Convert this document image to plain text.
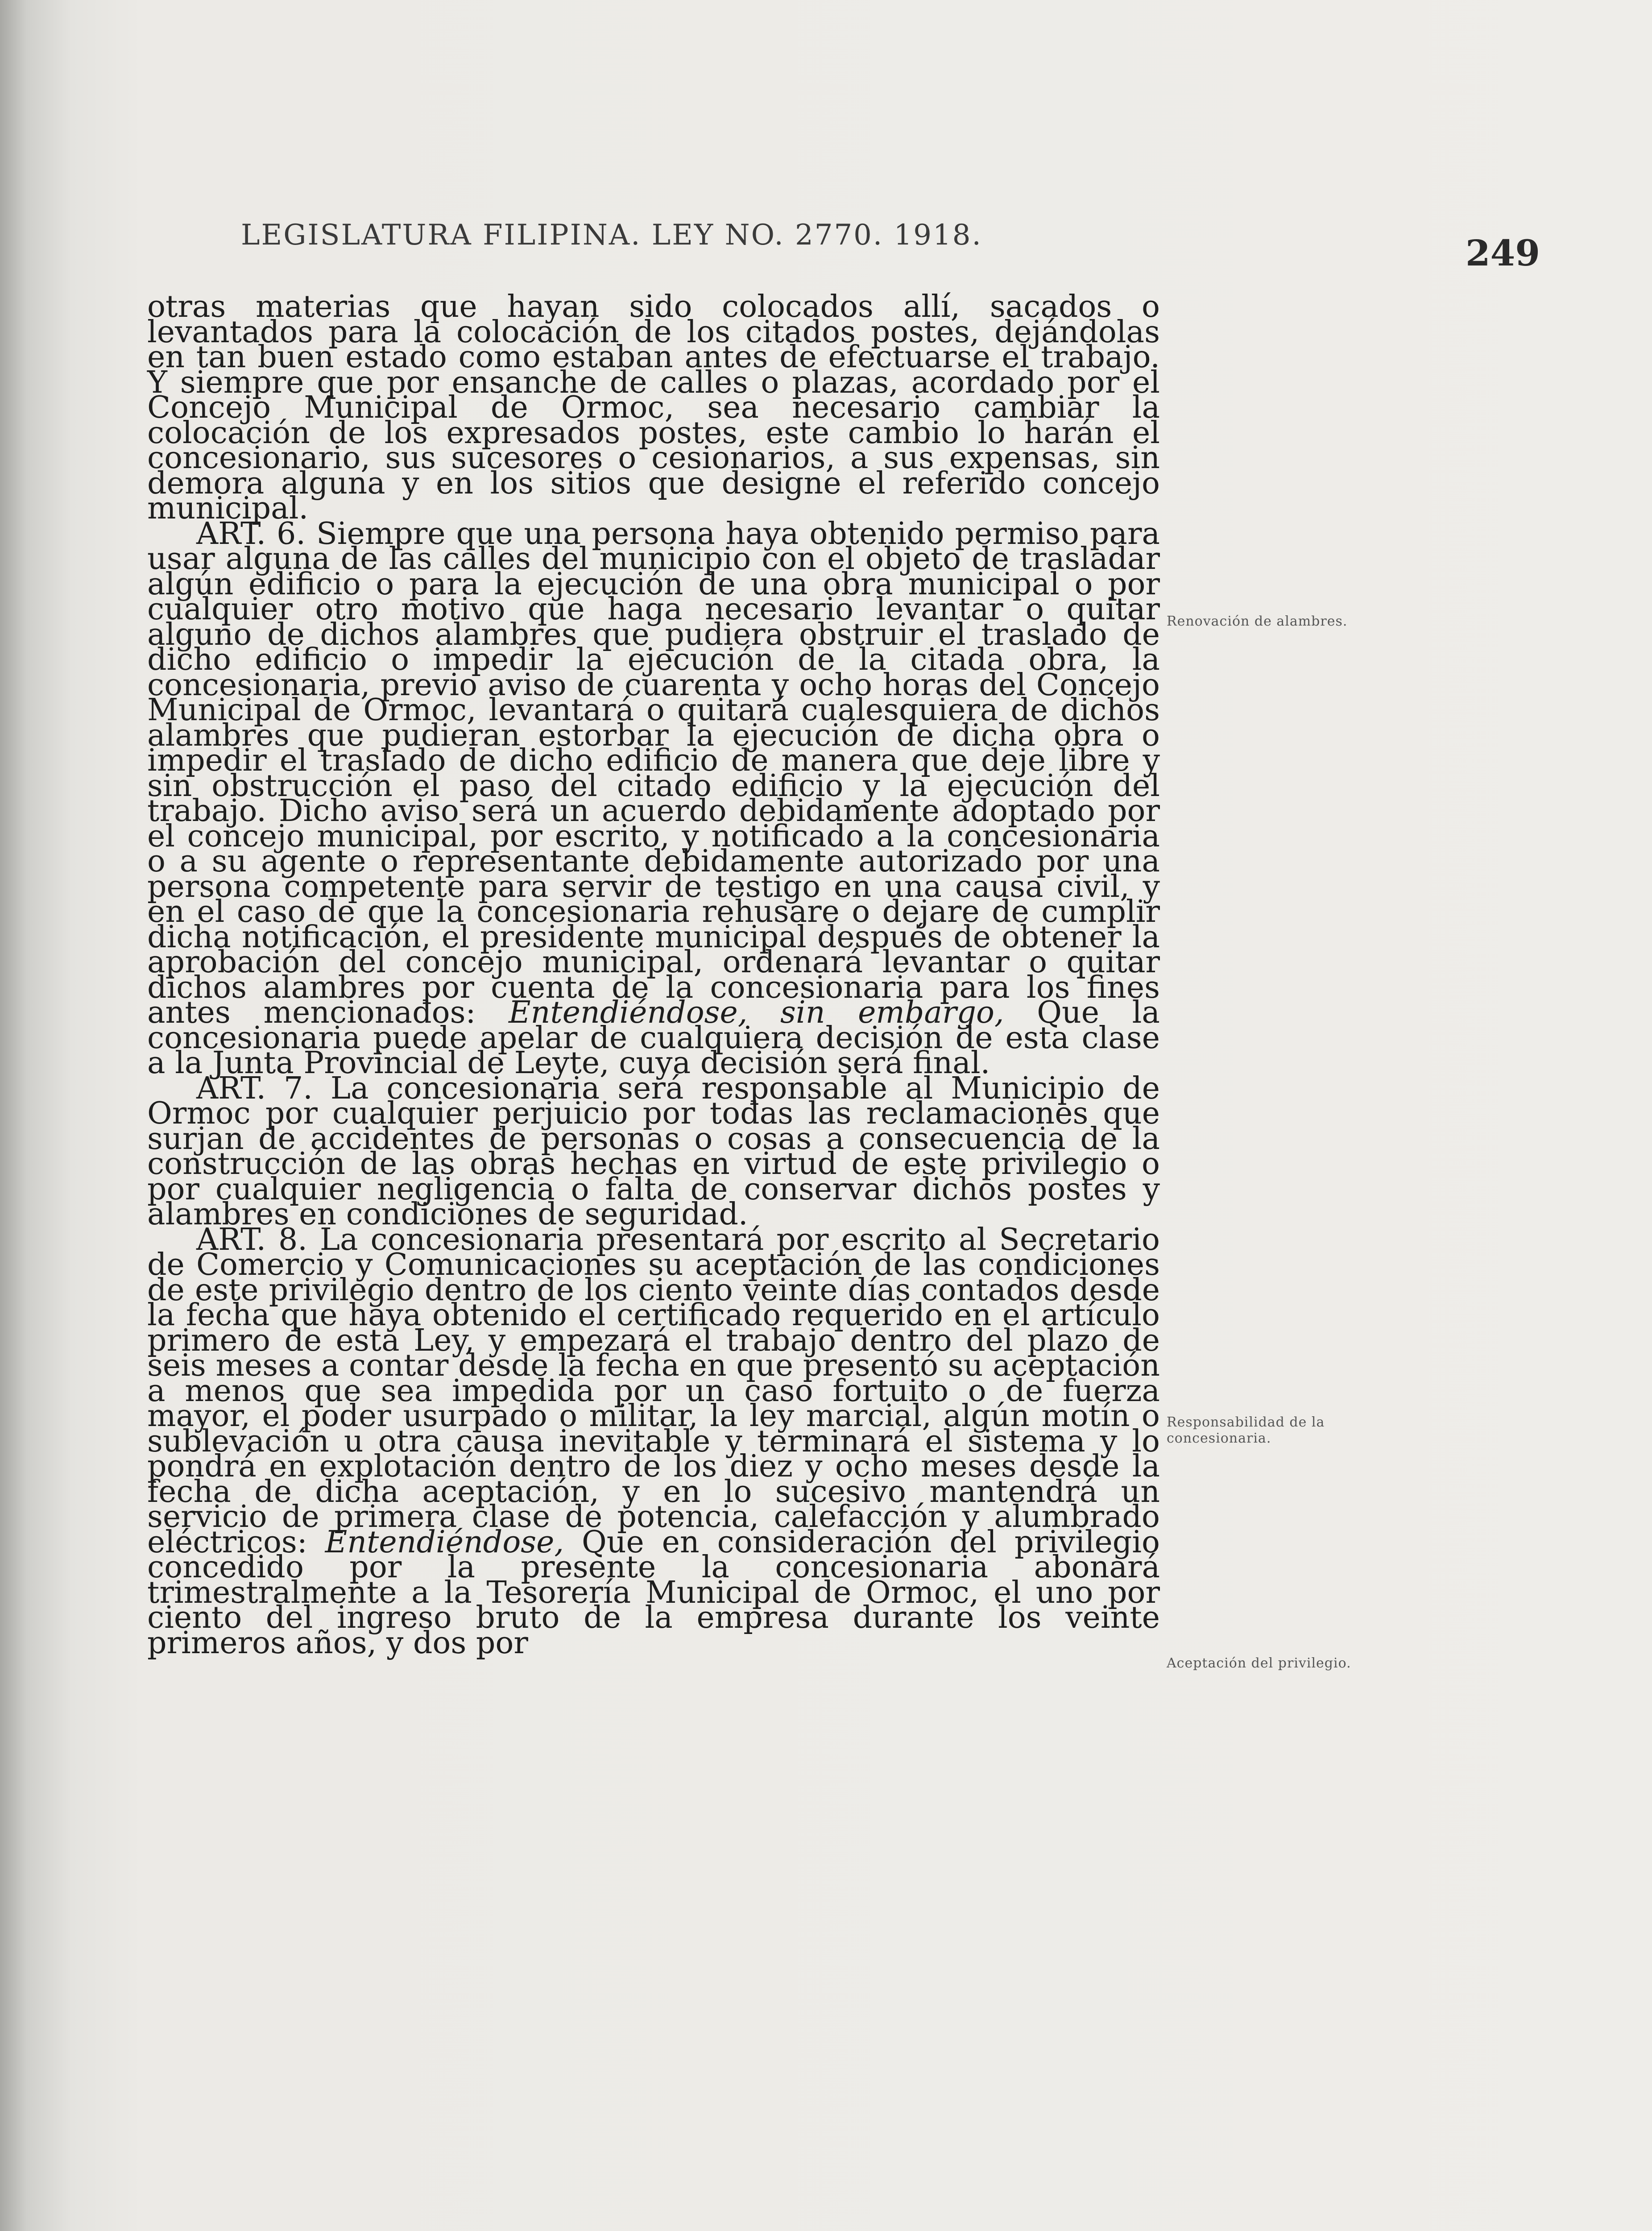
LEGISLATURA FILIPINA. LEY NO. 2770. 1918.	249

otras materias que hayan sido colocados allí, sacados o levantados para la colocación de los citados postes, dejándolas en tan buen estado como estaban antes de efectuarse el trabajo. Y siempre que por ensanche de calles o plazas, acordado por el Concejo Municipal de Ormoc, sea necesario cambiar la colocación de los expresados postes, este cambio lo harán el concesionario, sus sucesores o cesionarios, a sus expensas, sin demora alguna y en los sitios que designe el referido concejo municipal.

ART. 6. Siempre que una persona haya obtenido permiso para usar alguna de las calles del municipio con el objeto de trasladar algún edificio o para la ejecución de una obra municipal o por cualquier otro motivo que haga necesario levantar o quitar alguno de dichos alambres que pudiera obstruir el traslado de dicho edificio o impedir la ejecución de la citada obra, la concesionaria, previo aviso de cuarenta y ocho horas del Concejo Municipal de Ormoc, levantará o quitará cualesquiera de dichos alambres que pudieran estorbar la ejecución de dicha obra o impedir el traslado de dicho edificio de manera que deje libre y sin obstrucción el paso del citado edificio y la ejecución del trabajo. Dicho aviso será un acuerdo debidamente adoptado por el concejo municipal, por escrito, y notificado a la concesionaria o a su agente o representante debidamente autorizado por una persona competente para servir de testigo en una causa civil, y en el caso de que la concesionaria rehusare o dejare de cumplir dicha notificación, el presidente municipal después de obtener la aprobación del concejo municipal, ordenará levantar o quitar dichos alambres por cuenta de la concesionaria para los fines antes mencionados: Entendiéndose, sin embargo, Que la concesionaria puede apelar de cualquiera decisión de esta clase a la Junta Provincial de Leyte, cuya decisión será final.

ART. 7. La concesionaria será responsable al Municipio de Ormoc por cualquier perjuicio por todas las reclamaciones que surjan de accidentes de personas o cosas a consecuencia de la construcción de las obras hechas en virtud de este privilegio o por cualquier negligencia o falta de conservar dichos postes y alambres en condiciones de seguridad.

ART. 8. La concesionaria presentará por escrito al Secretario de Comercio y Comunicaciones su aceptación de las condiciones de este privilegio dentro de los ciento veinte días contados desde la fecha que haya obtenido el certificado requerido en el artículo primero de esta Ley, y empezará el trabajo dentro del plazo de seis meses a contar desde la fecha en que presentó su aceptación a menos que sea impedida por un caso fortuito o de fuerza mayor, el poder usurpado o militar, la ley marcial, algún motín o sublevación u otra causa inevitable y terminará el sistema y lo pondrá en explotación dentro de los diez y ocho meses desde la fecha de dicha aceptación, y en lo sucesivo mantendrá un servicio de primera clase de potencia, calefacción y alumbrado eléctricos: Entendiéndose, Que en consideración del privilegio concedido por la presente la concesionaria abonará trimestralmente a la Tesorería Municipal de Ormoc, el uno por ciento del ingreso bruto de la empresa durante los veinte primeros años, y dos por

Renovación de alambres.
Responsabilidad de la concesionaria.
Aceptación del privilegio.
